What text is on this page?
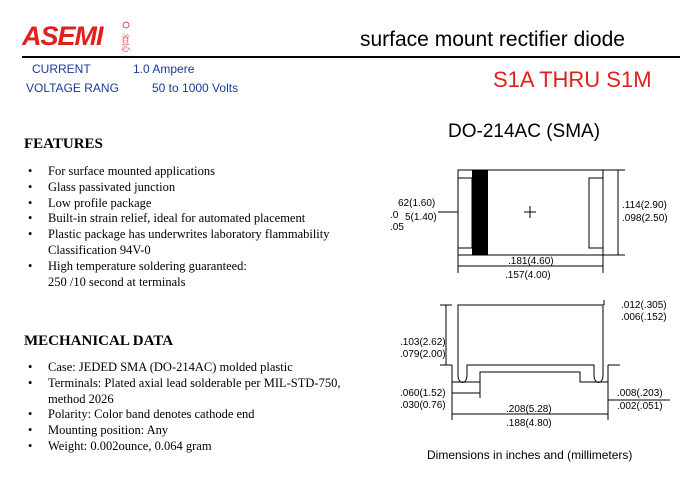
ASEMI 首芯	surface mount rectifier diode
CURRENT	1.0 Ampere
VOLTAGE RANG	50 to 1000 Volts	S1A THRU S1M
FEATURES
• For surface mounted applications
• Glass passivated junction
• Low profile package
• Built-in strain relief, ideal for automated placement
• Plastic package has underwrites laboratory flammability
Classification 94V-0
• High temperature soldering guaranteed:
250 /10 second at terminals
MECHANICAL DATA
• Case: JEDED SMA (DO-214AC) molded plastic
• Terminals: Plated axial lead solderable per MIL-STD-750,
method 2026
• Polarity: Color band denotes cathode end
• Mounting position: Any
• Weight: 0.002ounce, 0.064 gram
DO-214AC (SMA)
62(1.60)
.0 5(1.40)
.05
.114(2.90)
.098(2.50)
.181(4.60)
.157(4.00)
.012(.305)
.006(.152)
.103(2.62)
.079(2.00)
.060(1.52)
.030(0.76)	.208(5.28)
.188(4.80)
.008(.203)
.002(.051)
Dimensions in inches and (millimeters)
